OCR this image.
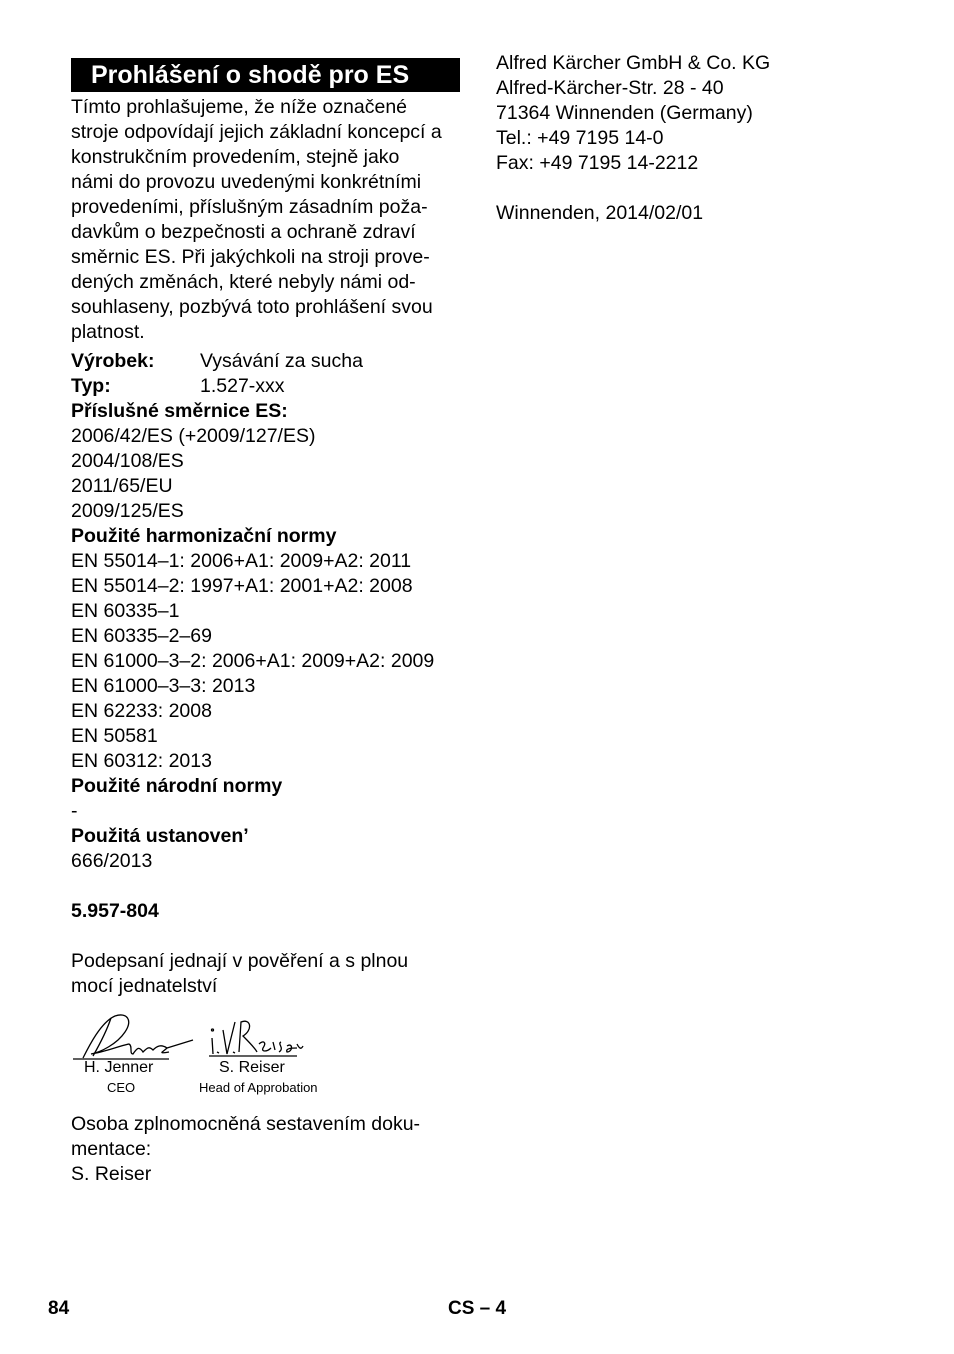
Prohlášení o shodě pro ES
Tímto prohlašujeme, že níže označené
stroje odpovídají jejich základní koncepcí a
konstrukčním provedením, stejně jako
námi do provozu uvedenými konkrétními
provedeními, příslušným zásadním poža-
davkům o bezpečnosti a ochraně zdraví
směrnic ES. Při jakýchkoli na stroji prove-
dených změnách, které nebyly námi od-
souhlaseny, pozbývá toto prohlášení svou
platnost.
Výrobek: Vysávání za sucha
Typ:	1.527-xxx
Příslušné směrnice ES:
2006/42/ES (+2009/127/ES)
2004/108/ES
2011/65/EU
2009/125/ES
Použité harmonizační normy
EN 55014–1: 2006+A1: 2009+A2: 2011
EN 55014–2: 1997+A1: 2001+A2: 2008
EN 60335–1
EN 60335–2–69
EN 61000–3–2: 2006+A1: 2009+A2: 2009
EN 61000–3–3: 2013
EN 62233: 2008
EN 50581
EN 60312: 2013
Použité národní normy
-
Použitá ustanoven’
666/2013
5.957-804
Podepsaní jednají v pověření a s plnou
mocí jednatelství
H. Jenner
CEO
S. Reiser
Head of Approbation
Osoba zplnomocněná sestavením doku-
mentace:
S. Reiser
Alfred Kärcher GmbH & Co. KG
Alfred-Kärcher-Str. 28 - 40
71364 Winnenden (Germany)
Tel.: +49 7195 14-0
Fax: +49 7195 14-2212
Winnenden, 2014/02/01
84	CS – 4
